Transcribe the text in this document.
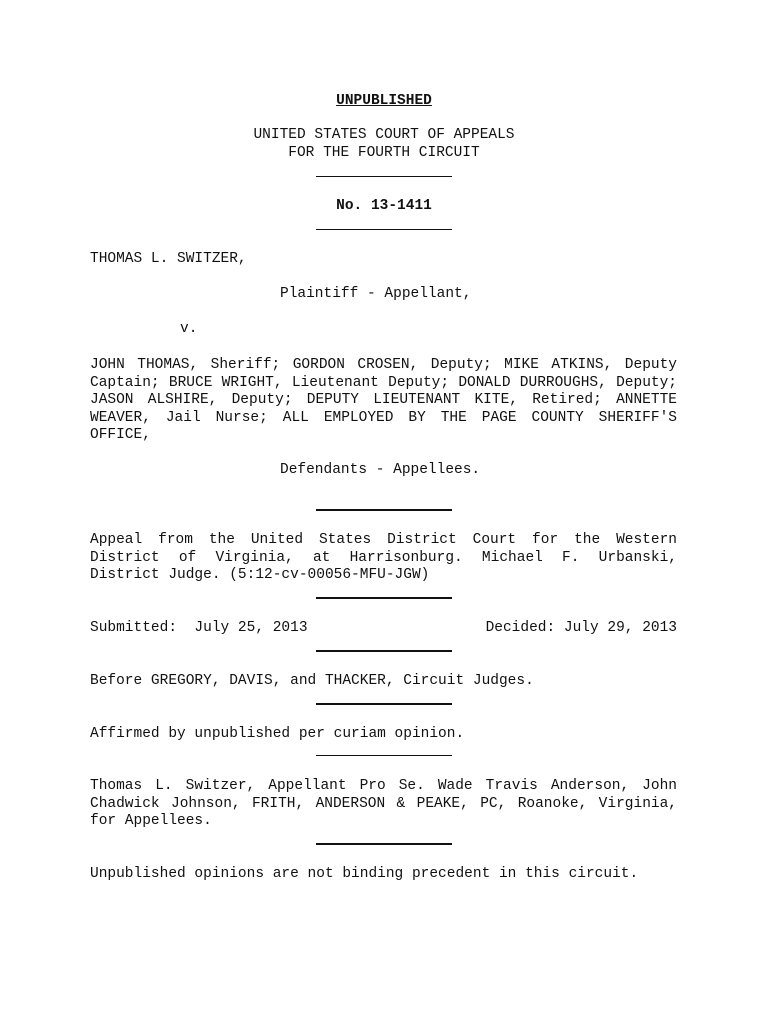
UNPUBLISHED
UNITED STATES COURT OF APPEALS
FOR THE FOURTH CIRCUIT
No. 13-1411
THOMAS L. SWITZER,
Plaintiff - Appellant,
v.
JOHN THOMAS, Sheriff; GORDON CROSEN, Deputy; MIKE ATKINS, Deputy Captain; BRUCE WRIGHT, Lieutenant Deputy; DONALD DURROUGHS, Deputy; JASON ALSHIRE, Deputy; DEPUTY LIEUTENANT KITE, Retired; ANNETTE WEAVER, Jail Nurse; ALL EMPLOYED BY THE PAGE COUNTY SHERIFF'S OFFICE,
Defendants - Appellees.
Appeal from the United States District Court for the Western District of Virginia, at Harrisonburg. Michael F. Urbanski, District Judge. (5:12-cv-00056-MFU-JGW)
Submitted:  July 25, 2013	Decided: July 29, 2013
Before GREGORY, DAVIS, and THACKER, Circuit Judges.
Affirmed by unpublished per curiam opinion.
Thomas L. Switzer, Appellant Pro Se. Wade Travis Anderson, John Chadwick Johnson, FRITH, ANDERSON & PEAKE, PC, Roanoke, Virginia, for Appellees.
Unpublished opinions are not binding precedent in this circuit.
